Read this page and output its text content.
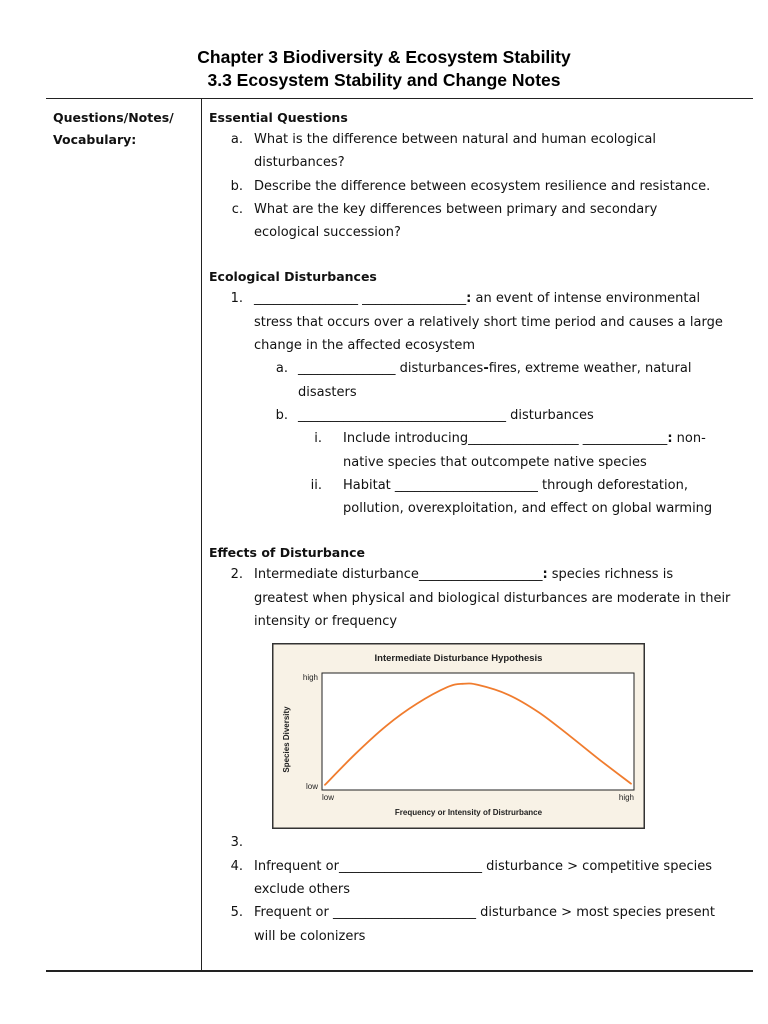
Chapter 3 Biodiversity & Ecosystem Stability
3.3 Ecosystem Stability and Change Notes
Questions/Notes/
Vocabulary:
Essential Questions
a. What is the difference between natural and human ecological
disturbances?
b. Describe the difference between ecosystem resilience and resistance.
c. What are the key differences between primary and secondary
ecological succession?
Ecological Disturbances
1. ________________ ________________: an event of intense environmental
stress that occurs over a relatively short time period and causes a large
change in the affected ecosystem
a. _______________ disturbances-fires, extreme weather, natural
disasters
b. ________________________________ disturbances
i. Include introducing_________________ _____________: non-
native species that outcompete native species
ii. Habitat ______________________ through deforestation,
pollution, overexploitation, and effect on global warming
Effects of Disturbance
2. Intermediate disturbance___________________: species richness is
greatest when physical and biological disturbances are moderate in their
intensity or frequency
Intermediate Disturbance Hypothesis
high
low
low	high
Frequency or Intensity of Distrurbance
Species Diversity
3.
4. Infrequent or______________________ disturbance > competitive species
exclude others
5. Frequent or ______________________ disturbance > most species present
will be colonizers
